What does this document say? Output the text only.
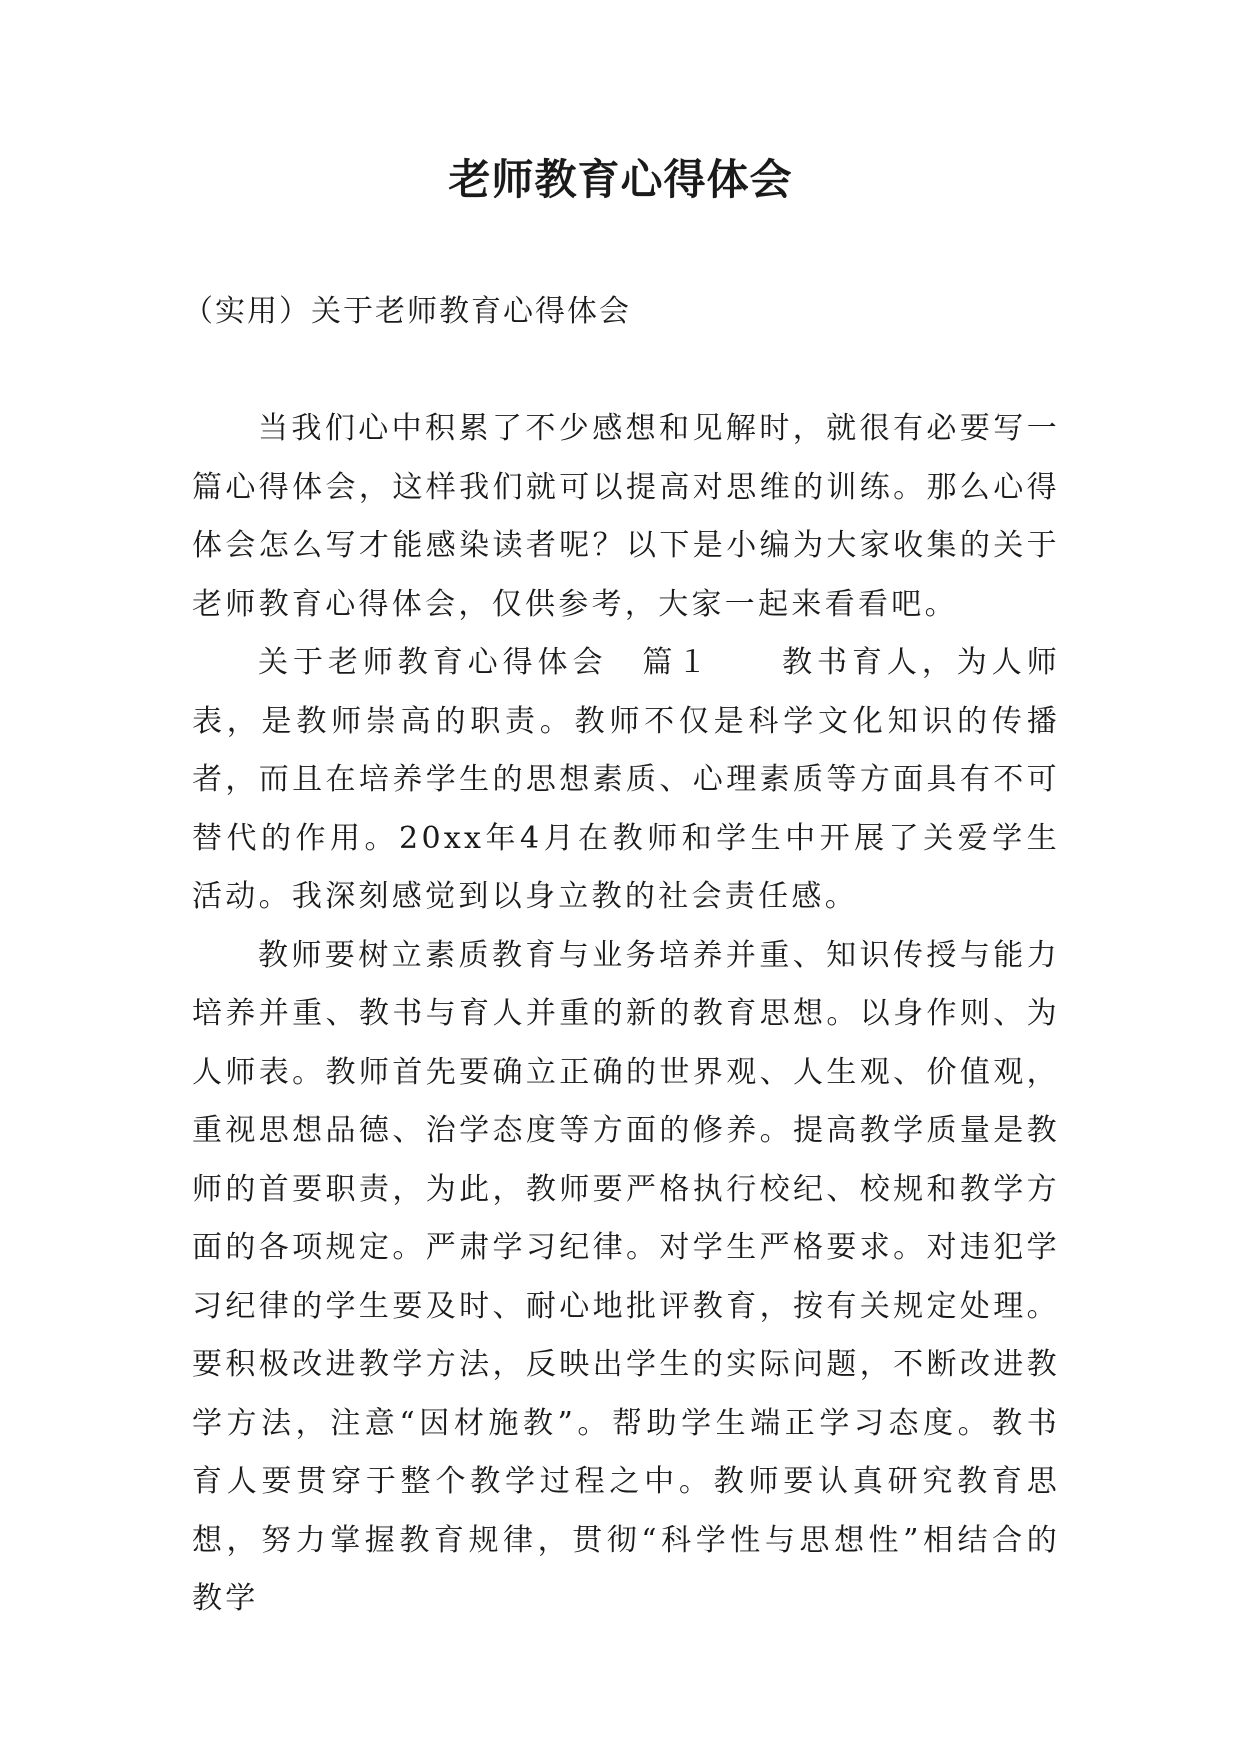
老师教育心得体会

（实用）关于老师教育心得体会

当我们心中积累了不少感想和见解时，就很有必要写一篇心得体会，这样我们就可以提高对思维的训练。那么心得体会怎么写才能感染读者呢？以下是小编为大家收集的关于老师教育心得体会，仅供参考，大家一起来看看吧。

关于老师教育心得体会　篇１　　教书育人，为人师表，是教师崇高的职责。教师不仅是科学文化知识的传播者，而且在培养学生的思想素质、心理素质等方面具有不可替代的作用。20xx年4月在教师和学生中开展了关爱学生活动。我深刻感觉到以身立教的社会责任感。

教师要树立素质教育与业务培养并重、知识传授与能力培养并重、教书与育人并重的新的教育思想。以身作则、为人师表。教师首先要确立正确的世界观、人生观、价值观，重视思想品德、治学态度等方面的修养。提高教学质量是教师的首要职责，为此，教师要严格执行校纪、校规和教学方面的各项规定。严肃学习纪律。对学生严格要求。对违犯学习纪律的学生要及时、耐心地批评教育，按有关规定处理。要积极改进教学方法，反映出学生的实际问题，不断改进教学方法，注意“因材施教”。帮助学生端正学习态度。教书育人要贯穿于整个教学过程之中。教师要认真研究教育思想，努力掌握教育规律，贯彻“科学性与思想性”相结合的教学
